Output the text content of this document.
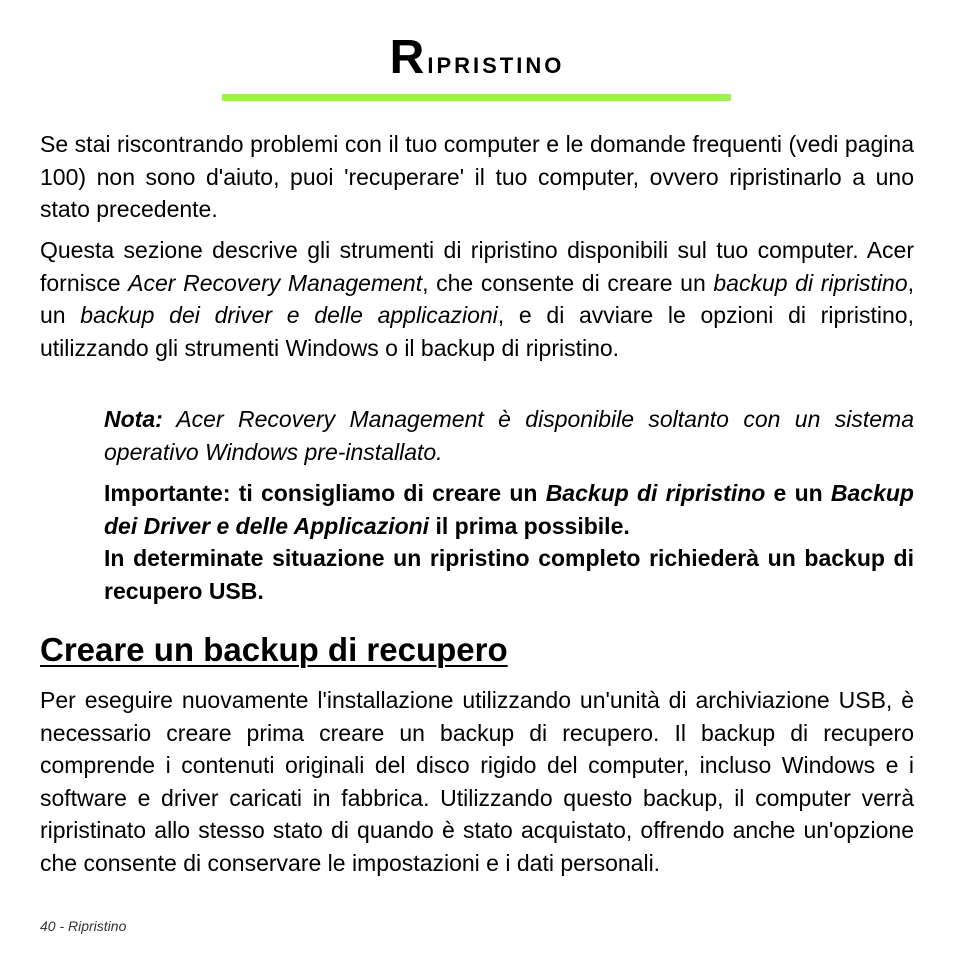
Ripristino

Se stai riscontrando problemi con il tuo computer e le domande frequenti (vedi pagina 100) non sono d'aiuto, puoi 'recuperare' il tuo computer, ovvero ripristinarlo a uno stato precedente.

Questa sezione descrive gli strumenti di ripristino disponibili sul tuo computer. Acer fornisce Acer Recovery Management, che consente di creare un backup di ripristino, un backup dei driver e delle applicazioni, e di avviare le opzioni di ripristino, utilizzando gli strumenti Windows o il backup di ripristino.

Nota: Acer Recovery Management è disponibile soltanto con un sistema operativo Windows pre-installato.

Importante: ti consigliamo di creare un Backup di ripristino e un Backup dei Driver e delle Applicazioni il prima possibile.
In determinate situazione un ripristino completo richiederà un backup di recupero USB.

Creare un backup di recupero

Per eseguire nuovamente l'installazione utilizzando un'unità di archiviazione USB, è necessario creare prima creare un backup di recupero. Il backup di recupero comprende i contenuti originali del disco rigido del computer, incluso Windows e i software e driver caricati in fabbrica. Utilizzando questo backup, il computer verrà ripristinato allo stesso stato di quando è stato acquistato, offrendo anche un'opzione che consente di conservare le impostazioni e i dati personali.

40 - Ripristino
